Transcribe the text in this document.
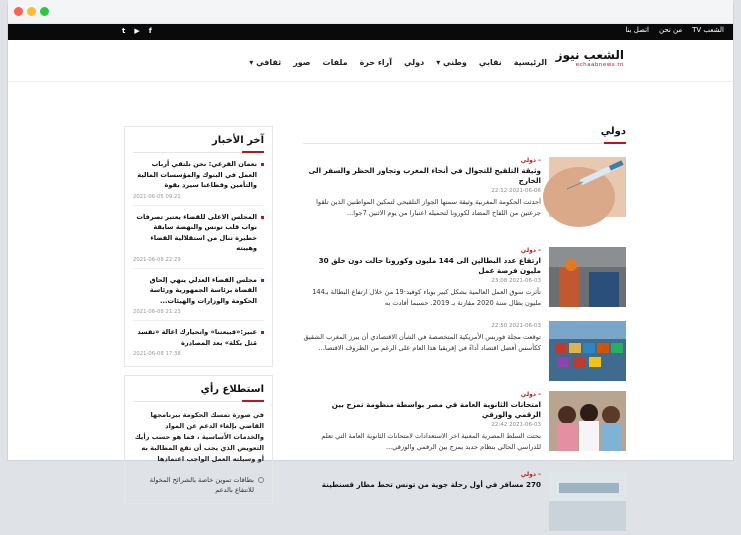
الشعب TV
من نحن
اتصل بنا
t ▶ f
الشعب نيوز
echaabnews.tn
الرئيسية
نقابي
وطني ▾
دولي
آراء حرة
ملفات
صور
ثقافي ▾
دولي
– دولي
وثيقة التلقيح للتجوال في أنحاء المغرب وتجاوز الحظر والسفر الى الخارج
2021-06-06 22:12
أحدثت الحكومة المغربية وثيقة سمتها الجواز التلقيحي لتمكين المواطنين الذين تلقوا جرعتين من اللقاح المضاد لكورونا لتحميله اعتبارا من يوم الاثنين 7جوا...
– دولي
ارتفاع عدد البطالين الى 144 مليون وكورونا حالت دون خلق 30 مليون فرصة عمل
2021-06-03 23:08
تأثرت سوق العمل العالمية بشكل كبير بوباء كوفيد-19 من خلال ارتفاع البطالة بـ144 مليون بطال سنة 2020 مقارنة بـ 2019. حسبما أفادت به
2021-06-03 22:50
توقعت مجلة فوربس الأمريكية المتخصصة في الشأن الاقتصادي أن يبرز المغرب الشقيق ككأسس أفضل اقتصاد أداءً في إفريقيا هذا العام على الرغم من الظروف الاقتصا...
– دولي
امتحانات الثانوية العامة في مصر بواسطة منظومة تمزج بين الرقمي والورقي
2021-06-03 22:42
بحثت السلط المصرية المعنية اخر الاستعدادات لامتحانات الثانوية العامة التي تعلم للدراسي الحالي بنظام جديد يمزج بين الرقمي والورقي...
– دولي
270 مسافر في أول رحلة جوية من تونس تحط مطار قسنطينة
آخر الأخبار
نعمان الفرعي: نحن نلتقي أرباب العمل في البنوك والمؤسسات المالية والتأمين وقطاعنا سيرد بقوة
2021-06-05 09:21
المجلس الاعلى للقضاء يعتبر تصرفات نواب قلب تونس والنهضة سابقة خطيرة تنال من استقلالية القضاء وهيبته
2021-06-08 22:29
مجلس القضاء العدلي ينهي إلحاق القضاة برئاسة الجمهورية ورئاسة الحكومة والوزارات والهيئات...
2021-06-08 21:23
عبير:«قبيعتنا» واتحيارك اعالة «تفسد مَثل بكلة» بعد المصادرة
2021-06-08 17:38
استطلاع رأي
في صورة تمسك الحكومة ببرنامجها القاضي بإلغاء الدعم عن المواد والخدمات الأساسية ، فما هو حسب رأيك التعويض الذي يجب أن تقع المطالبة به أو وسيلته العمل الواجب اعتمادها
بطاقات تموين خاصة بالشرائح المخولة للانتفاع بالدعم
